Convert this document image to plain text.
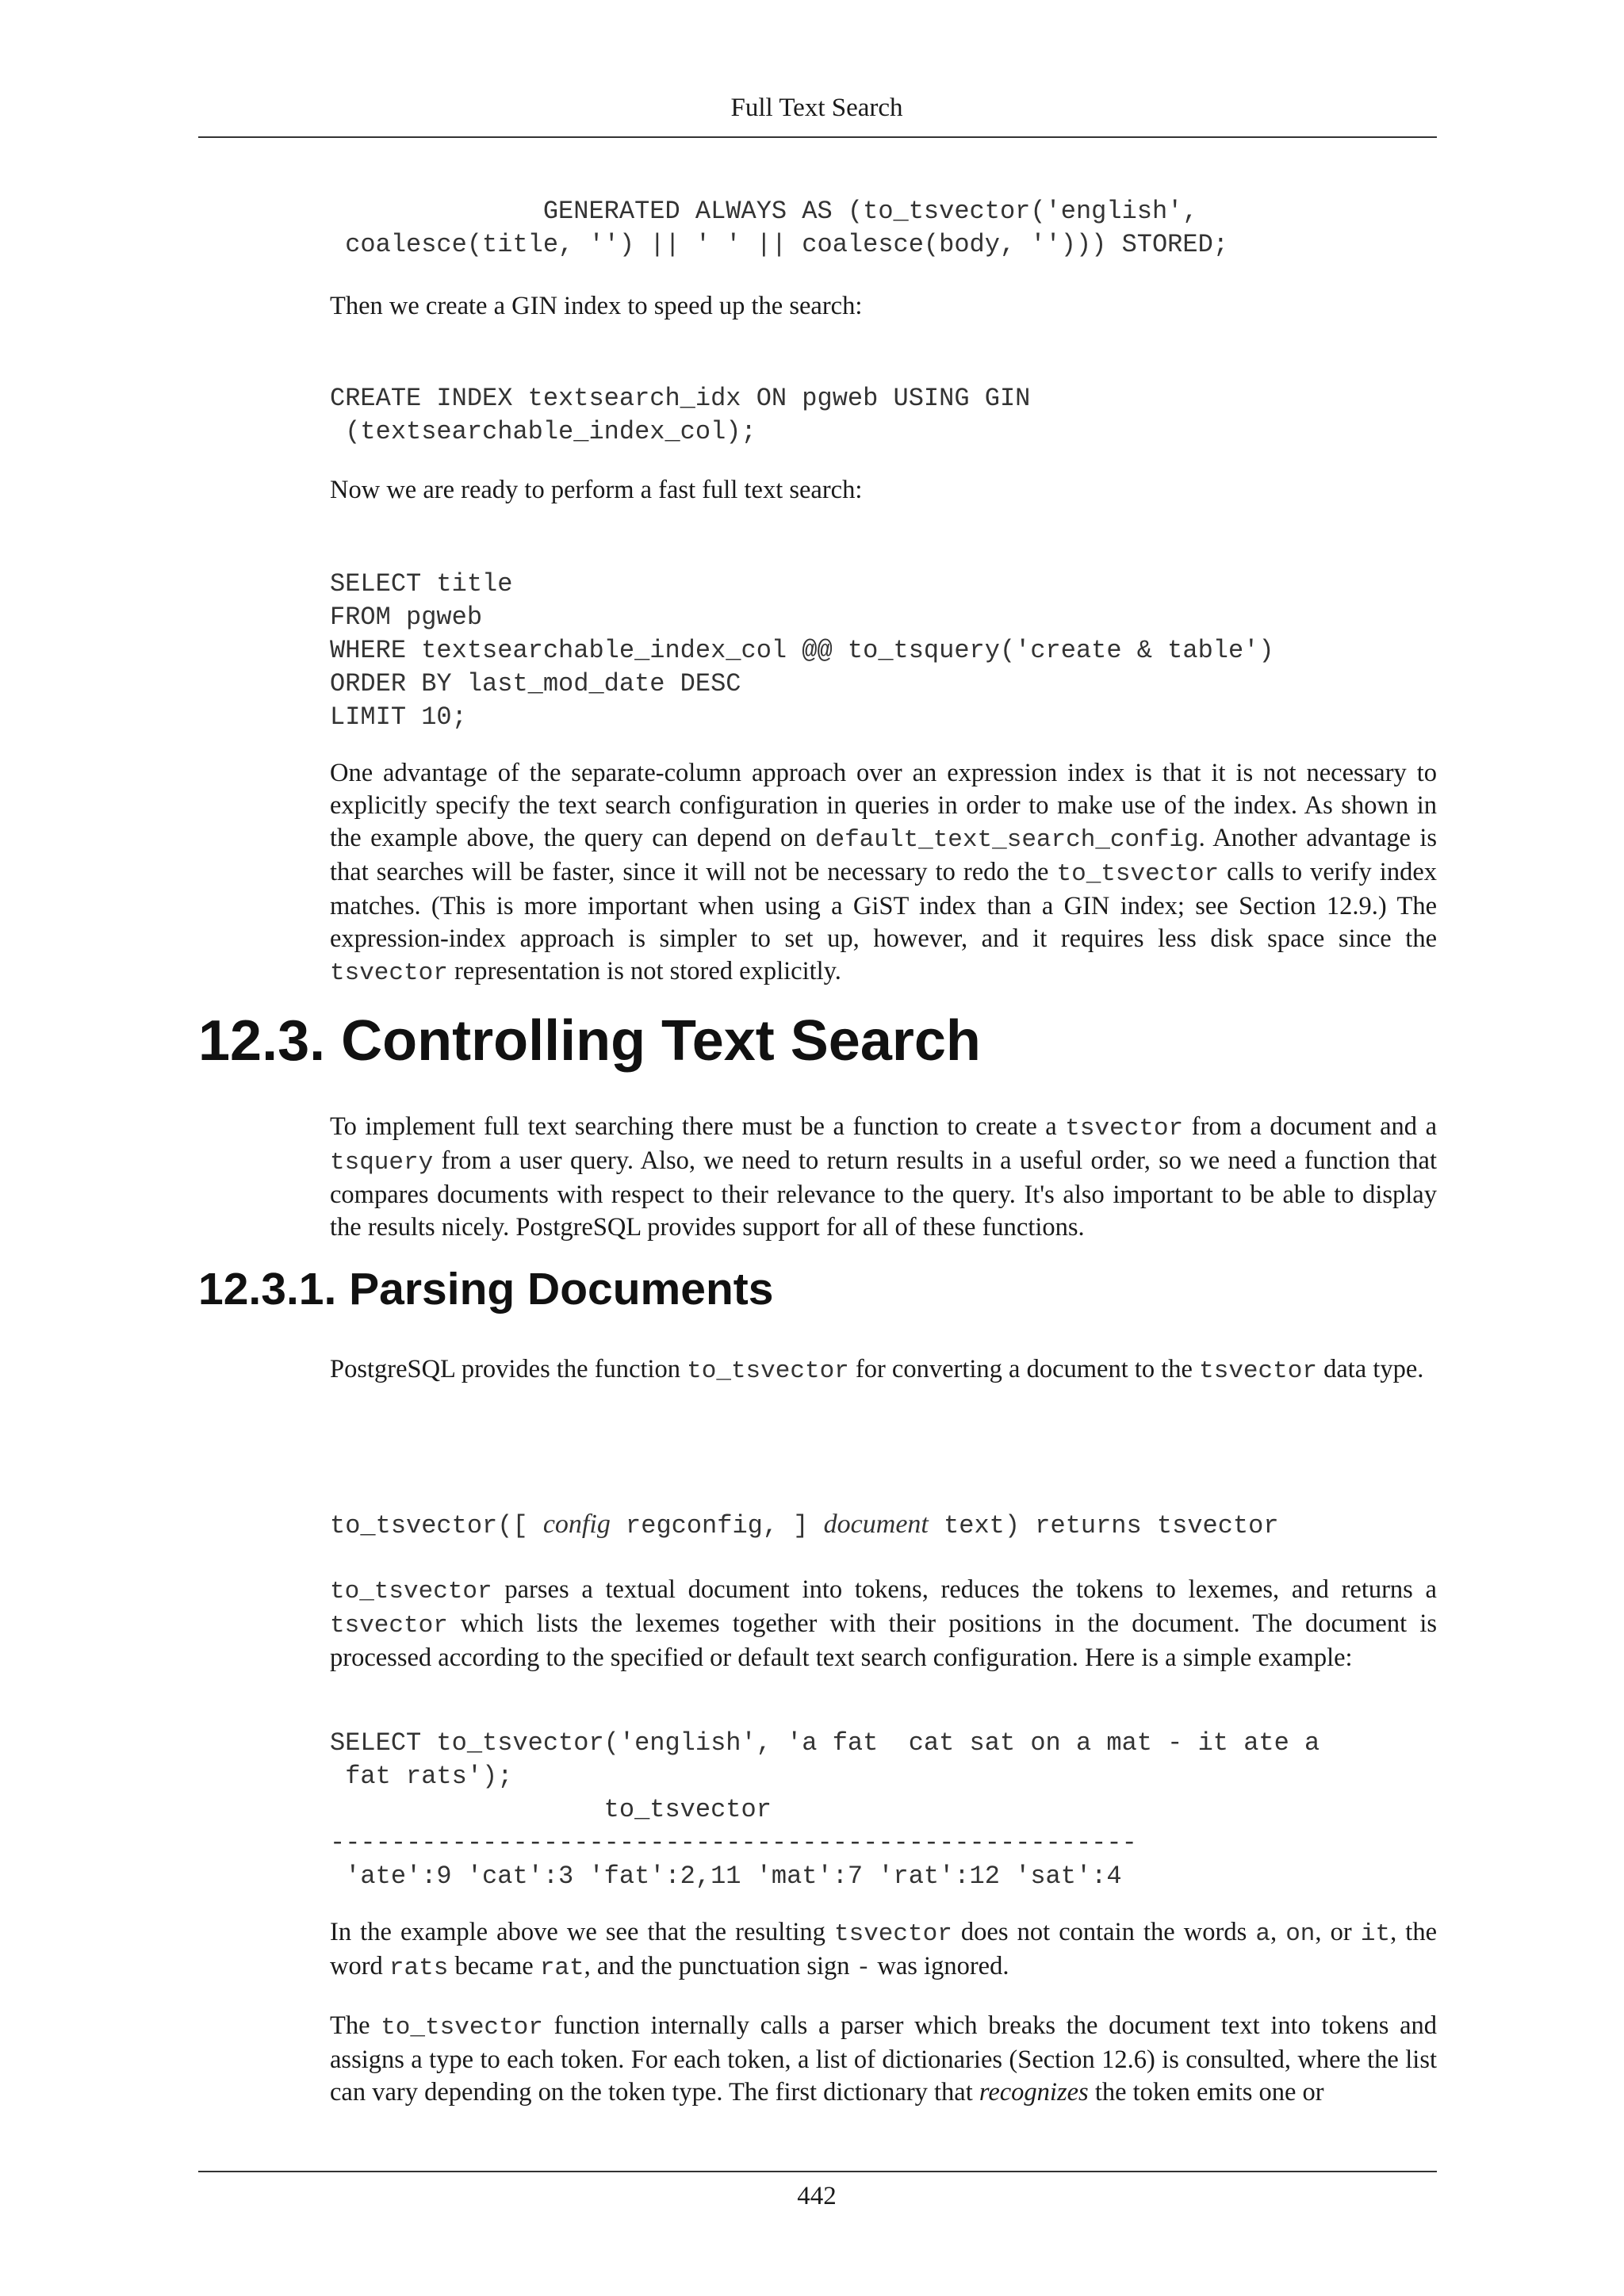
Full Text Search
GENERATED ALWAYS AS (to_tsvector('english',
coalesce(title, '') || ' ' || coalesce(body, ''))) STORED;

Then we create a GIN index to speed up the search:

CREATE INDEX textsearch_idx ON pgweb USING GIN
(textsearchable_index_col);

Now we are ready to perform a fast full text search:

SELECT title
FROM pgweb
WHERE textsearchable_index_col @@ to_tsquery('create & table')
ORDER BY last_mod_date DESC
LIMIT 10;

One advantage of the separate-column approach over an expression index is that it is not necessary to explicitly specify the text search configuration in queries in order to make use of the index. As shown in the example above, the query can depend on default_text_search_config. Another advantage is that searches will be faster, since it will not be necessary to redo the to_tsvector calls to verify index matches. (This is more important when using a GiST index than a GIN index; see Section 12.9.) The expression-index approach is simpler to set up, however, and it requires less disk space since the tsvector representation is not stored explicitly.

12.3. Controlling Text Search

To implement full text searching there must be a function to create a tsvector from a document and a tsquery from a user query. Also, we need to return results in a useful order, so we need a function that compares documents with respect to their relevance to the query. It's also important to be able to display the results nicely. PostgreSQL provides support for all of these functions.

12.3.1. Parsing Documents

PostgreSQL provides the function to_tsvector for converting a document to the tsvector data type.

to_tsvector([ config regconfig, ] document text) returns tsvector

to_tsvector parses a textual document into tokens, reduces the tokens to lexemes, and returns a tsvector which lists the lexemes together with their positions in the document. The document is processed according to the specified or default text search configuration. Here is a simple example:

SELECT to_tsvector('english', 'a fat  cat sat on a mat - it ate a
fat rats');
to_tsvector
-----------------------------------------------------
'ate':9 'cat':3 'fat':2,11 'mat':7 'rat':12 'sat':4

In the example above we see that the resulting tsvector does not contain the words a, on, or it, the word rats became rat, and the punctuation sign - was ignored.

The to_tsvector function internally calls a parser which breaks the document text into tokens and assigns a type to each token. For each token, a list of dictionaries (Section 12.6) is consulted, where the list can vary depending on the token type. The first dictionary that recognizes the token emits one or

442
